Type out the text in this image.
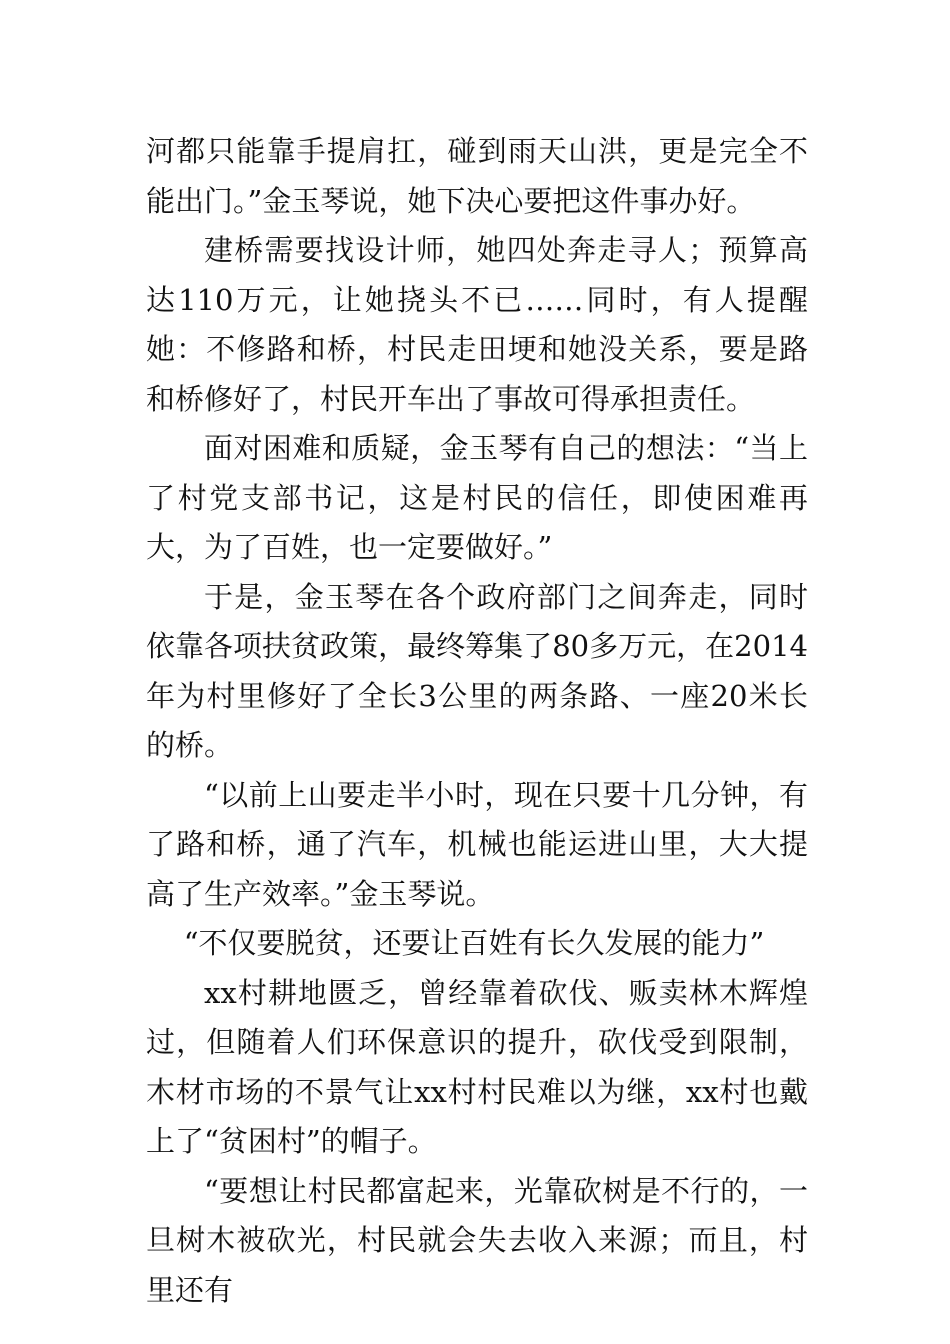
河都只能靠手提肩扛，碰到雨天山洪，更是完全不能出门。”金玉琴说，她下决心要把这件事办好。

建桥需要找设计师，她四处奔走寻人；预算高达110万元，让她挠头不已……同时，有人提醒她：不修路和桥，村民走田埂和她没关系，要是路和桥修好了，村民开车出了事故可得承担责任。

面对困难和质疑，金玉琴有自己的想法：“当上了村党支部书记，这是村民的信任，即使困难再大，为了百姓，也一定要做好。”

于是，金玉琴在各个政府部门之间奔走，同时依靠各项扶贫政策，最终筹集了80多万元，在2014年为村里修好了全长3公里的两条路、一座20米长的桥。

“以前上山要走半小时，现在只要十几分钟，有了路和桥，通了汽车，机械也能运进山里，大大提高了生产效率。”金玉琴说。

“不仅要脱贫，还要让百姓有长久发展的能力”

xx村耕地匮乏，曾经靠着砍伐、贩卖林木辉煌过，但随着人们环保意识的提升，砍伐受到限制，木材市场的不景气让xx村村民难以为继，xx村也戴上了“贫困村”的帽子。

“要想让村民都富起来，光靠砍树是不行的，一旦树木被砍光，村民就会失去收入来源；而且，村里还有
